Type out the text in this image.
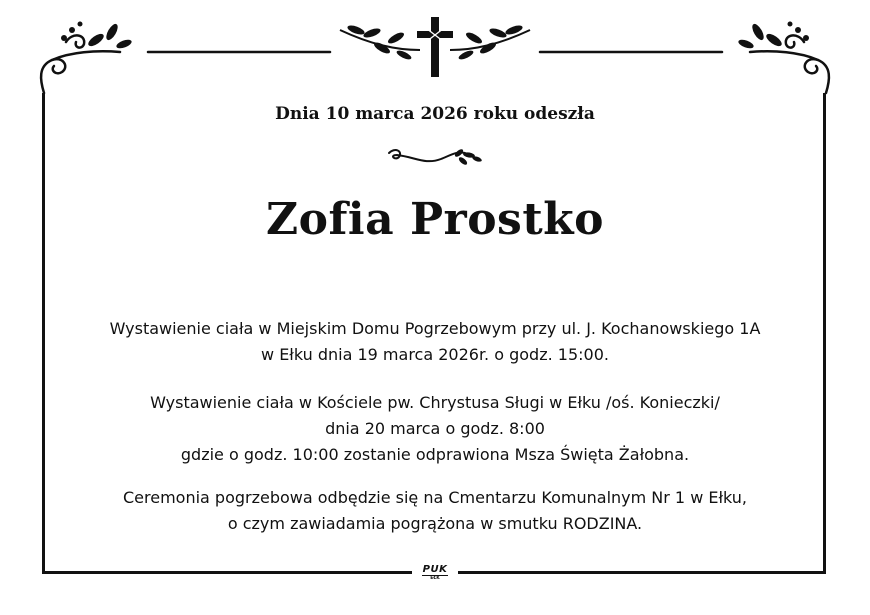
PUK
EŁK
Dnia 10 marca 2026 roku odeszła
Zofia Prostko
Wystawienie ciała w Miejskim Domu Pogrzebowym przy ul. J. Kochanowskiego 1A
w Ełku dnia 19 marca 2026r. o godz. 15:00.
Wystawienie ciała w Kościele pw. Chrystusa Sługi w Ełku /oś. Konieczki/
dnia 20 marca o godz. 8:00
gdzie o godz. 10:00 zostanie odprawiona Msza Święta Żałobna.
Ceremonia pogrzebowa odbędzie się na Cmentarzu Komunalnym Nr 1 w Ełku,
o czym zawiadamia pogrążona w smutku RODZINA.
